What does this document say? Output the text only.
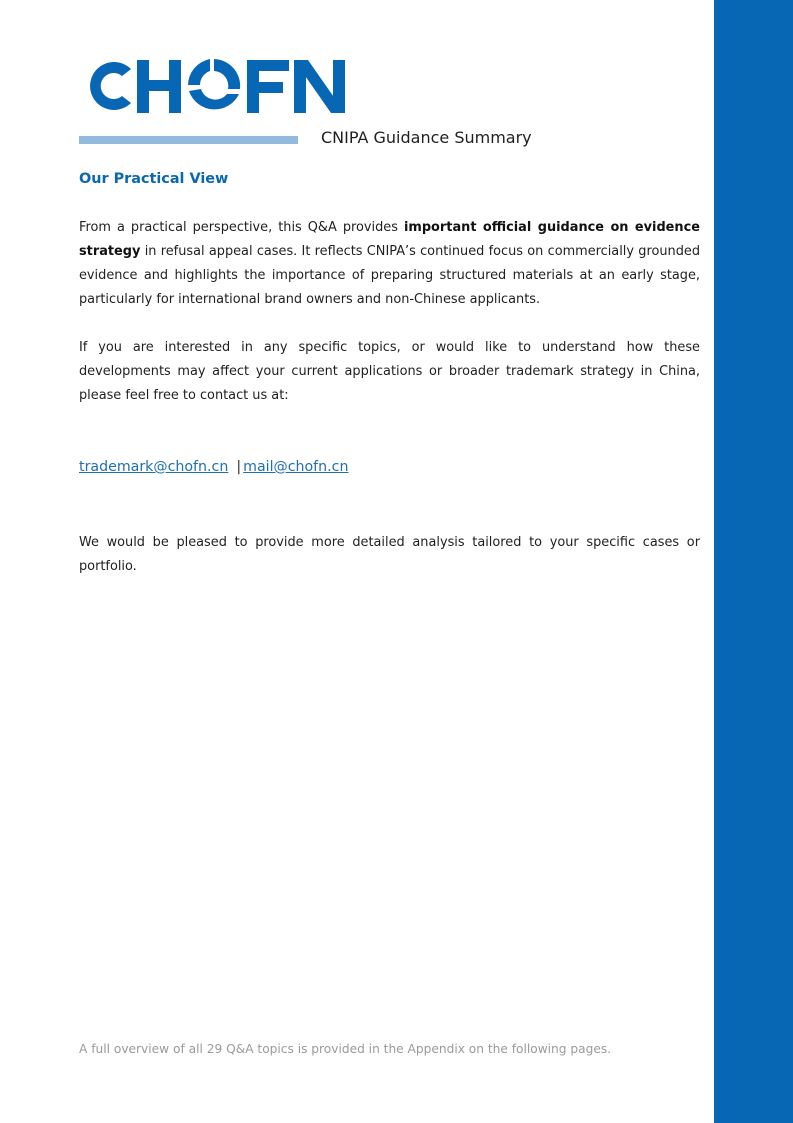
CNIPA Guidance Summary
Our Practical View

From a practical perspective, this Q&A provides important official guidance on evidence strategy in refusal appeal cases. It reflects CNIPA’s continued focus on commercially grounded evidence and highlights the importance of preparing structured materials at an early stage, particularly for international brand owners and non-Chinese applicants.

If you are interested in any specific topics, or would like to understand how these developments may affect your current applications or broader trademark strategy in China, please feel free to contact us at:

trademark@chofn.cn | mail@chofn.cn

We would be pleased to provide more detailed analysis tailored to your specific cases or portfolio.

A full overview of all 29 Q&A topics is provided in the Appendix on the following pages.
